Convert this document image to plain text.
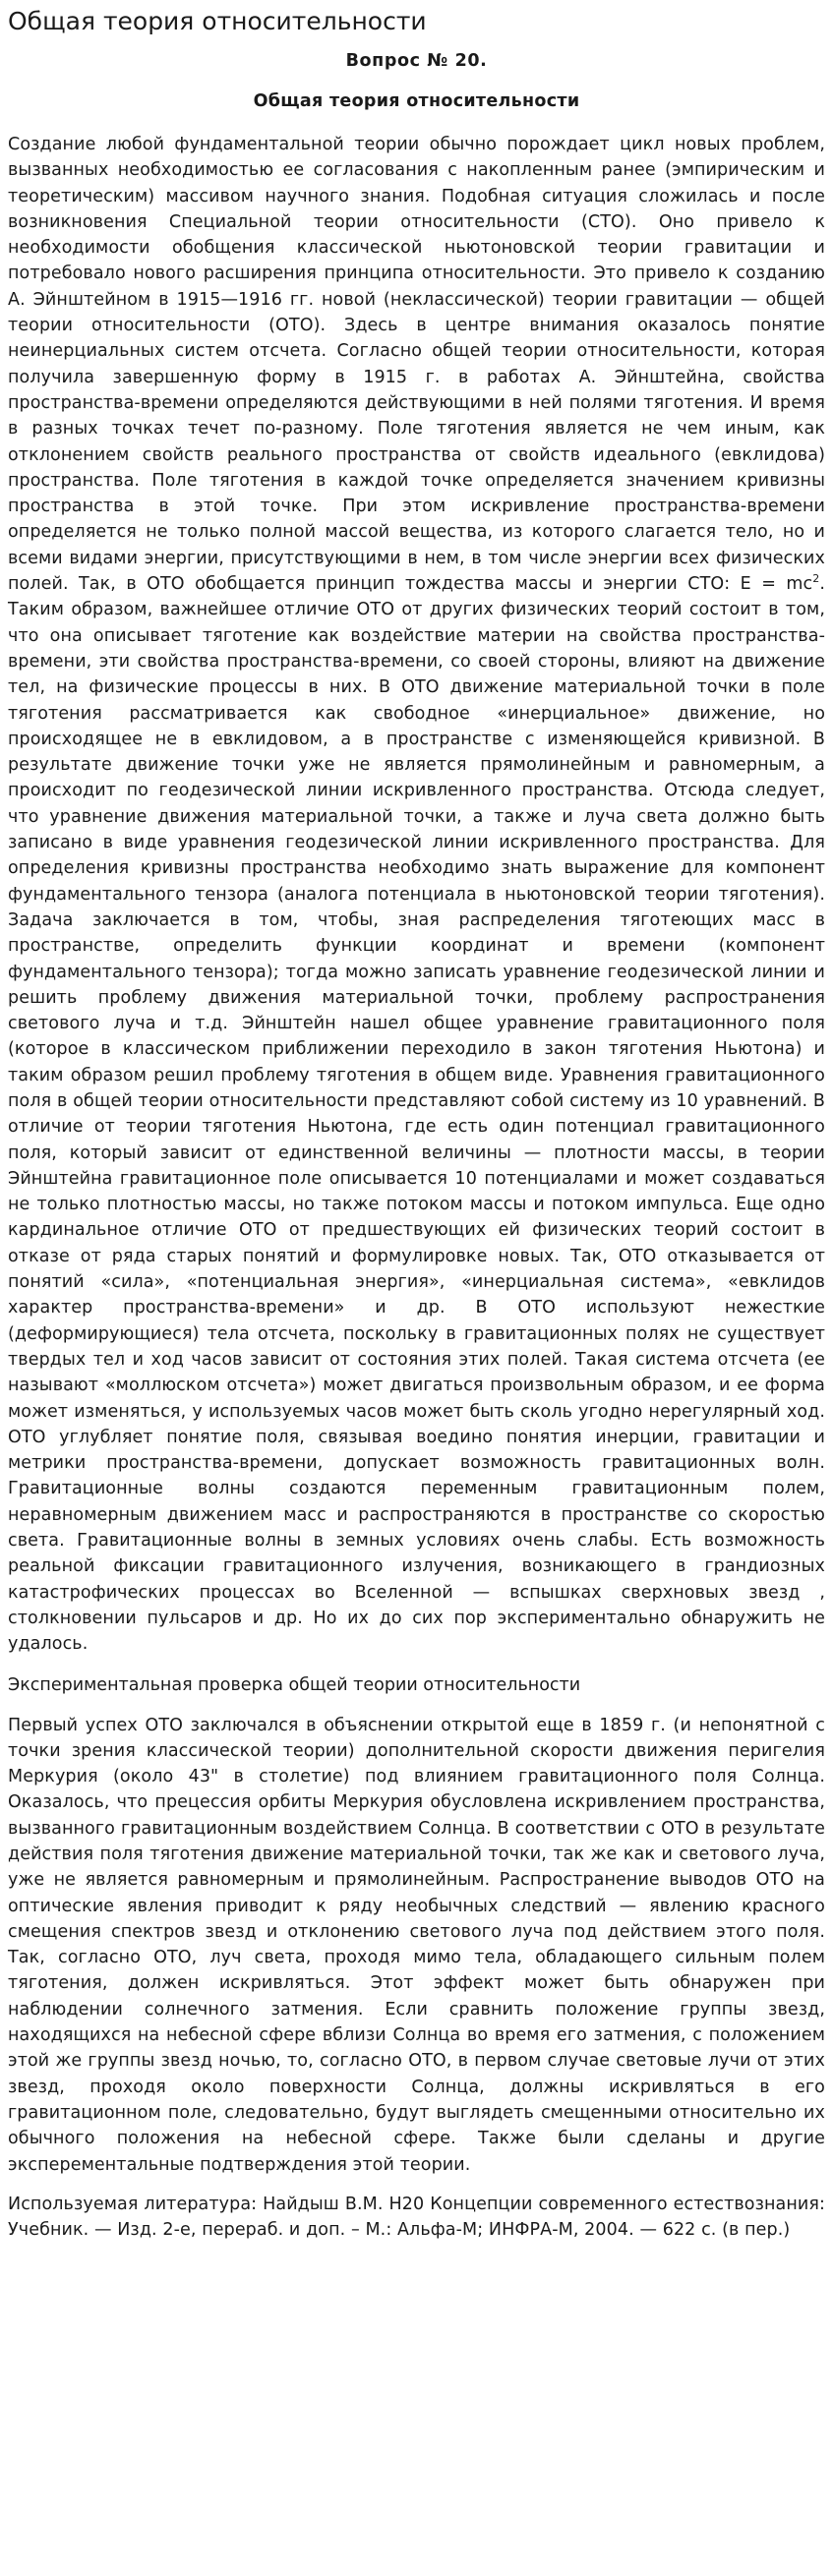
Общая теория относительности
Вопрос № 20.
Общая теория относительности

Создание любой фундаментальной теории обычно порождает цикл новых проблем, вызванных необходимостью ее согласования с накопленным ранее (эмпирическим и теоретическим) массивом научного знания. Подобная ситуация сложилась и после возникновения Специальной теории относительности (СТО). Оно привело к необходимости обобщения классической ньютоновской теории гравитации и потребовало нового расширения принципа относительности. Это привело к созданию А. Эйнштейном в 1915—1916 гг. новой (неклассической) теории гравитации — общей теории относительности (ОТО). Здесь в центре внимания оказалось понятие неинерциальных систем отсчета. Согласно общей теории относительности, которая получила завершенную форму в 1915 г. в работах А. Эйнштейна, свойства пространства-времени определяются действующими в ней полями тяготения. И время в разных точках течет по-разному. Поле тяготения является не чем иным, как отклонением свойств реального пространства от свойств идеального (евклидова) пространства. Поле тяготения в каждой точке определяется значением кривизны пространства в этой точке. При этом искривление пространства-времени определяется не только полной массой вещества, из которого слагается тело, но и всеми видами энергии, присутствующими в нем, в том числе энергии всех физических полей. Так, в ОТО обобщается принцип тождества массы и энергии СТО: $E = mc^2$. Таким образом, важнейшее отличие ОТО от других физических теорий состоит в том, что она описывает тяготение как воздействие материи на свойства пространства-времени, эти свойства пространства-времени, со своей стороны, влияют на движение тел, на физические процессы в них. В ОТО движение материальной точки в поле тяготения рассматривается как свободное «инерциальное» движение, но происходящее не в евклидовом, а в пространстве с изменяющейся кривизной. В результате движение точки уже не является прямолинейным и равномерным, а происходит по геодезической линии искривленного пространства. Отсюда следует, что уравнение движения материальной точки, а также и луча света должно быть записано в виде уравнения геодезической линии искривленного пространства. Для определения кривизны пространства необходимо знать выражение для компонент фундаментального тензора (аналога потенциала в ньютоновской теории тяготения). Задача заключается в том, чтобы, зная распределения тяготеющих масс в пространстве, определить функции координат и времени (компонент фундаментального тензора); тогда можно записать уравнение геодезической линии и решить проблему движения материальной точки, проблему распространения светового луча и т.д. Эйнштейн нашел общее уравнение гравитационного поля (которое в классическом приближении переходило в закон тяготения Ньютона) и таким образом решил проблему тяготения в общем виде. Уравнения гравитационного поля в общей теории относительности представляют собой систему из 10 уравнений. В отличие от теории тяготения Ньютона, где есть один потенциал гравитационного поля, который зависит от единственной величины — плотности массы, в теории Эйнштейна гравитационное поле описывается 10 потенциалами и может создаваться не только плотностью массы, но также потоком массы и потоком импульса. Еще одно кардинальное отличие ОТО от предшествующих ей физических теорий состоит в отказе от ряда старых понятий и формулировке новых. Так, ОТО отказывается от понятий «сила», «потенциальная энергия», «инерциальная система», «евклидов характер пространства-времени» и др. В ОТО используют нежесткие (деформирующиеся) тела отсчета, поскольку в гравитационных полях не существует твердых тел и ход часов зависит от состояния этих полей. Такая система отсчета (ее называют «моллюском отсчета») может двигаться произвольным образом, и ее форма может изменяться, у используемых часов может быть сколь угодно нерегулярный ход. ОТО углубляет понятие поля, связывая воедино понятия инерции, гравитации и метрики пространства-времени, допускает возможность гравитационных волн. Гравитационные волны создаются переменным гравитационным полем, неравномерным движением масс и распространяются в пространстве со скоростью света. Гравитационные волны в земных условиях очень слабы. Есть возможность реальной фиксации гравитационного излучения, возникающего в грандиозных катастрофических процессах во Вселенной — вспышках сверхновых звезд , столкновении пульсаров и др. Но их до сих пор экспериментально обнаружить не удалось.

Экспериментальная проверка общей теории относительности

Первый успех ОТО заключался в объяснении открытой еще в 1859 г. (и непонятной с точки зрения классической теории) дополнительной скорости движения перигелия Меркурия (около 43" в столетие) под влиянием гравитационного поля Солнца. Оказалось, что прецессия орбиты Меркурия обусловлена искривлением пространства, вызванного гравитационным воздействием Солнца. В соответствии с ОТО в результате действия поля тяготения движение материальной точки, так же как и светового луча, уже не является равномерным и прямолинейным. Распространение выводов ОТО на оптические явления приводит к ряду необычных следствий — явлению красного смещения спектров звезд и отклонению светового луча под действием этого поля. Так, согласно ОТО, луч света, проходя мимо тела, обладающего сильным полем тяготения, должен искривляться. Этот эффект может быть обнаружен при наблюдении солнечного затмения. Если сравнить положение группы звезд, находящихся на небесной сфере вблизи Солнца во время его затмения, с положением этой же группы звезд ночью, то, согласно ОТО, в первом случае световые лучи от этих звезд, проходя около поверхности Солнца, должны искривляться в его гравитационном поле, следовательно, будут выглядеть смещенными относительно их обычного положения на небесной сфере. Также были сделаны и другие эксперементальные подтверждения этой теории.

Используемая литература: Найдыш В.М. Н20 Концепции современного естествознания: Учебник. — Изд. 2-е, перераб. и доп. – М.: Альфа-М; ИНФРА-М, 2004. — 622 с. (в пер.)
